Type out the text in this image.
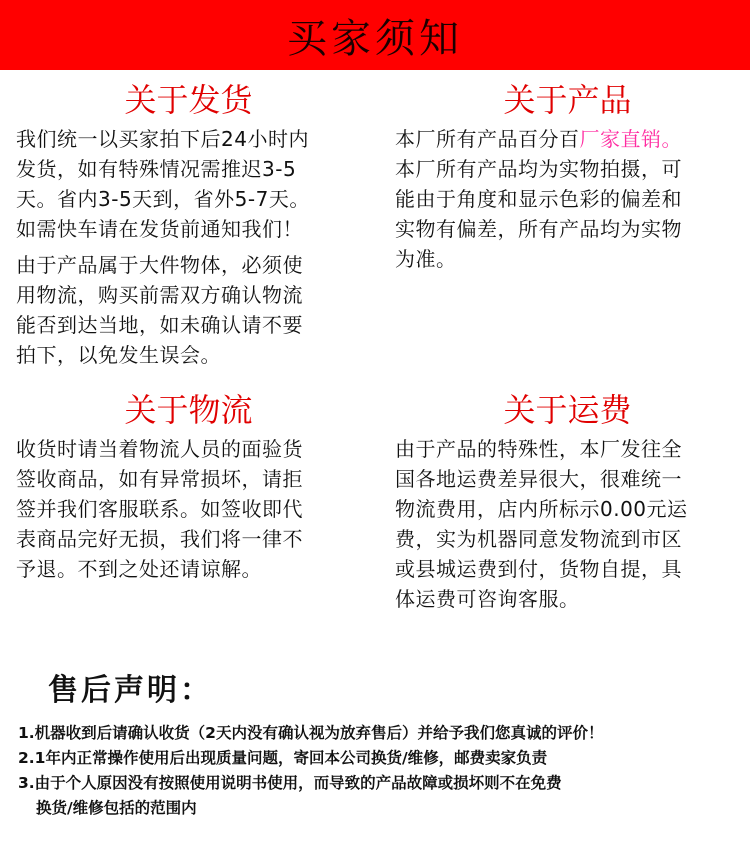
买家须知
关于发货
我们统一以买家拍下后24小时内
发货，如有特殊情况需推迟3-5
天。省内3-5天到，省外5-7天。
如需快车请在发货前通知我们！
由于产品属于大件物体，必须使
用物流，购买前需双方确认物流
能否到达当地，如未确认请不要
拍下，以免发生误会。
关于产品
本厂所有产品百分百厂家直销。
本厂所有产品均为实物拍摄，可
能由于角度和显示色彩的偏差和
实物有偏差，所有产品均为实物
为准。
关于物流
收货时请当着物流人员的面验货
签收商品，如有异常损坏，请拒
签并我们客服联系。如签收即代
表商品完好无损，我们将一律不
予退。不到之处还请谅解。
关于运费
由于产品的特殊性，本厂发往全
国各地运费差异很大，很难统一
物流费用，店内所标示0.00元运
费，实为机器同意发物流到市区
或县城运费到付，货物自提，具
体运费可咨询客服。
售后声明：
1.机器收到后请确认收货（2天内没有确认视为放弃售后）并给予我们您真诚的评价！
2.1年内正常操作使用后出现质量问题，寄回本公司换货/维修，邮费卖家负责
3.由于个人原因没有按照使用说明书使用，而导致的产品故障或损坏则不在免费
换货/维修包括的范围内
